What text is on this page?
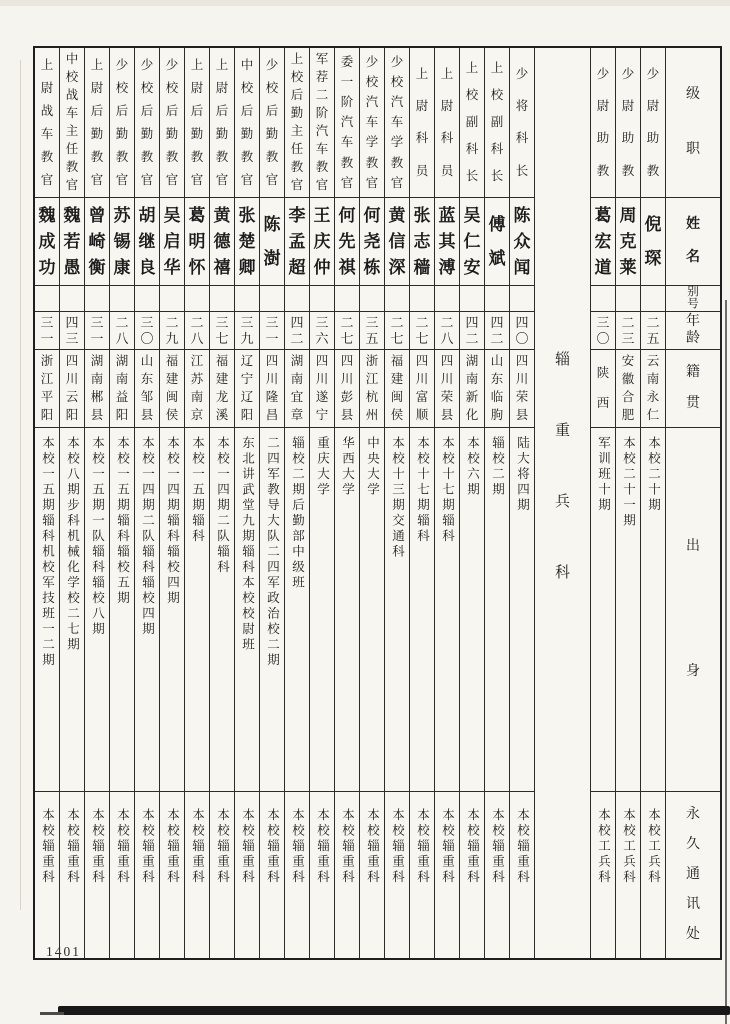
上
尉
战
车
教
官
魏
成
功
三
一
浙
江
平
阳
本校一五期辎科机校军技班一二期
本校辎重科
中
校
战
车
主
任
教
官
魏
若
愚
四
三
四
川
云
阳
本校八期步科机械化学校二七期
本校辎重科
上
尉
后
勤
教
官
曾
崎
衡
三
一
湖
南
郴
县
本校一五期一队辎科辎校八期
本校辎重科
少
校
后
勤
教
官
苏
锡
康
二
八
湖
南
益
阳
本校一五期辎科辎校五期
本校辎重科
少
校
后
勤
教
官
胡
继
良
三
〇
山
东
邹
县
本校一四期二队辎科辎校四期
本校辎重科
少
校
后
勤
教
官
吴
启
华
二
九
福
建
闽
侯
本校一四期辎科辎校四期
本校辎重科
上
尉
后
勤
教
官
葛
明
怀
二
八
江
苏
南
京
本校一五期辎科
本校辎重科
上
尉
后
勤
教
官
黄
德
禧
三
七
福
建
龙
溪
本校一四期二队辎科
本校辎重科
中
校
后
勤
教
官
张
楚
卿
三
九
辽
宁
辽
阳
东北讲武堂九期辎科本校校尉班
本校辎重科
少
校
后
勤
教
官
陈
澍
三
一
四
川
隆
昌
二四军教导大队二四军政治校二期
本校辎重科
上
校
后
勤
主
任
教
官
李
孟
超
四
二
湖
南
宜
章
辎校二期后勤部中级班
本校辎重科
军
荐
二
阶
汽
车
教
官
王
庆
仲
三
六
四
川
遂
宁
重庆大学
本校辎重科
委
一
阶
汽
车
教
官
何
先
祺
二
七
四
川
彭
县
华西大学
本校辎重科
少
校
汽
车
学
教
官
何
尧
栋
三
五
浙
江
杭
州
中央大学
本校辎重科
少
校
汽
车
学
教
官
黄
信
深
二
七
福
建
闽
侯
本校十三期交通科
本校辎重科
上
尉
科
员
张
志
穑
二
七
四
川
富
顺
本校十七期辎科
本校辎重科
上
尉
科
员
蓝
其
溥
二
八
四
川
荣
县
本校十七期辎科
本校辎重科
上
校
副
科
长
吴
仁
安
四
二
湖
南
新
化
本校六期
本校辎重科
上
校
副
科
长
傅
斌
四
二
山
东
临
朐
辎校二期
本校辎重科
少
将
科
长
陈
众
闻
四
〇
四
川
荣
县
陆大将四期
本校辎重科
辎
重
兵
科
少
尉
助
教
葛
宏
道
三
〇
陕
西
军训班十期
本校工兵科
少
尉
助
教
周
克
莱
二
三
安
徽
合
肥
本校二十一期
本校工兵科
少
尉
助
教
倪
琛
二
五
云
南
永
仁
本校二十期
本校工兵科
级
职
姓
名
别
号
年
龄
籍
贯
出
身
永
久
通
讯
处
1401
